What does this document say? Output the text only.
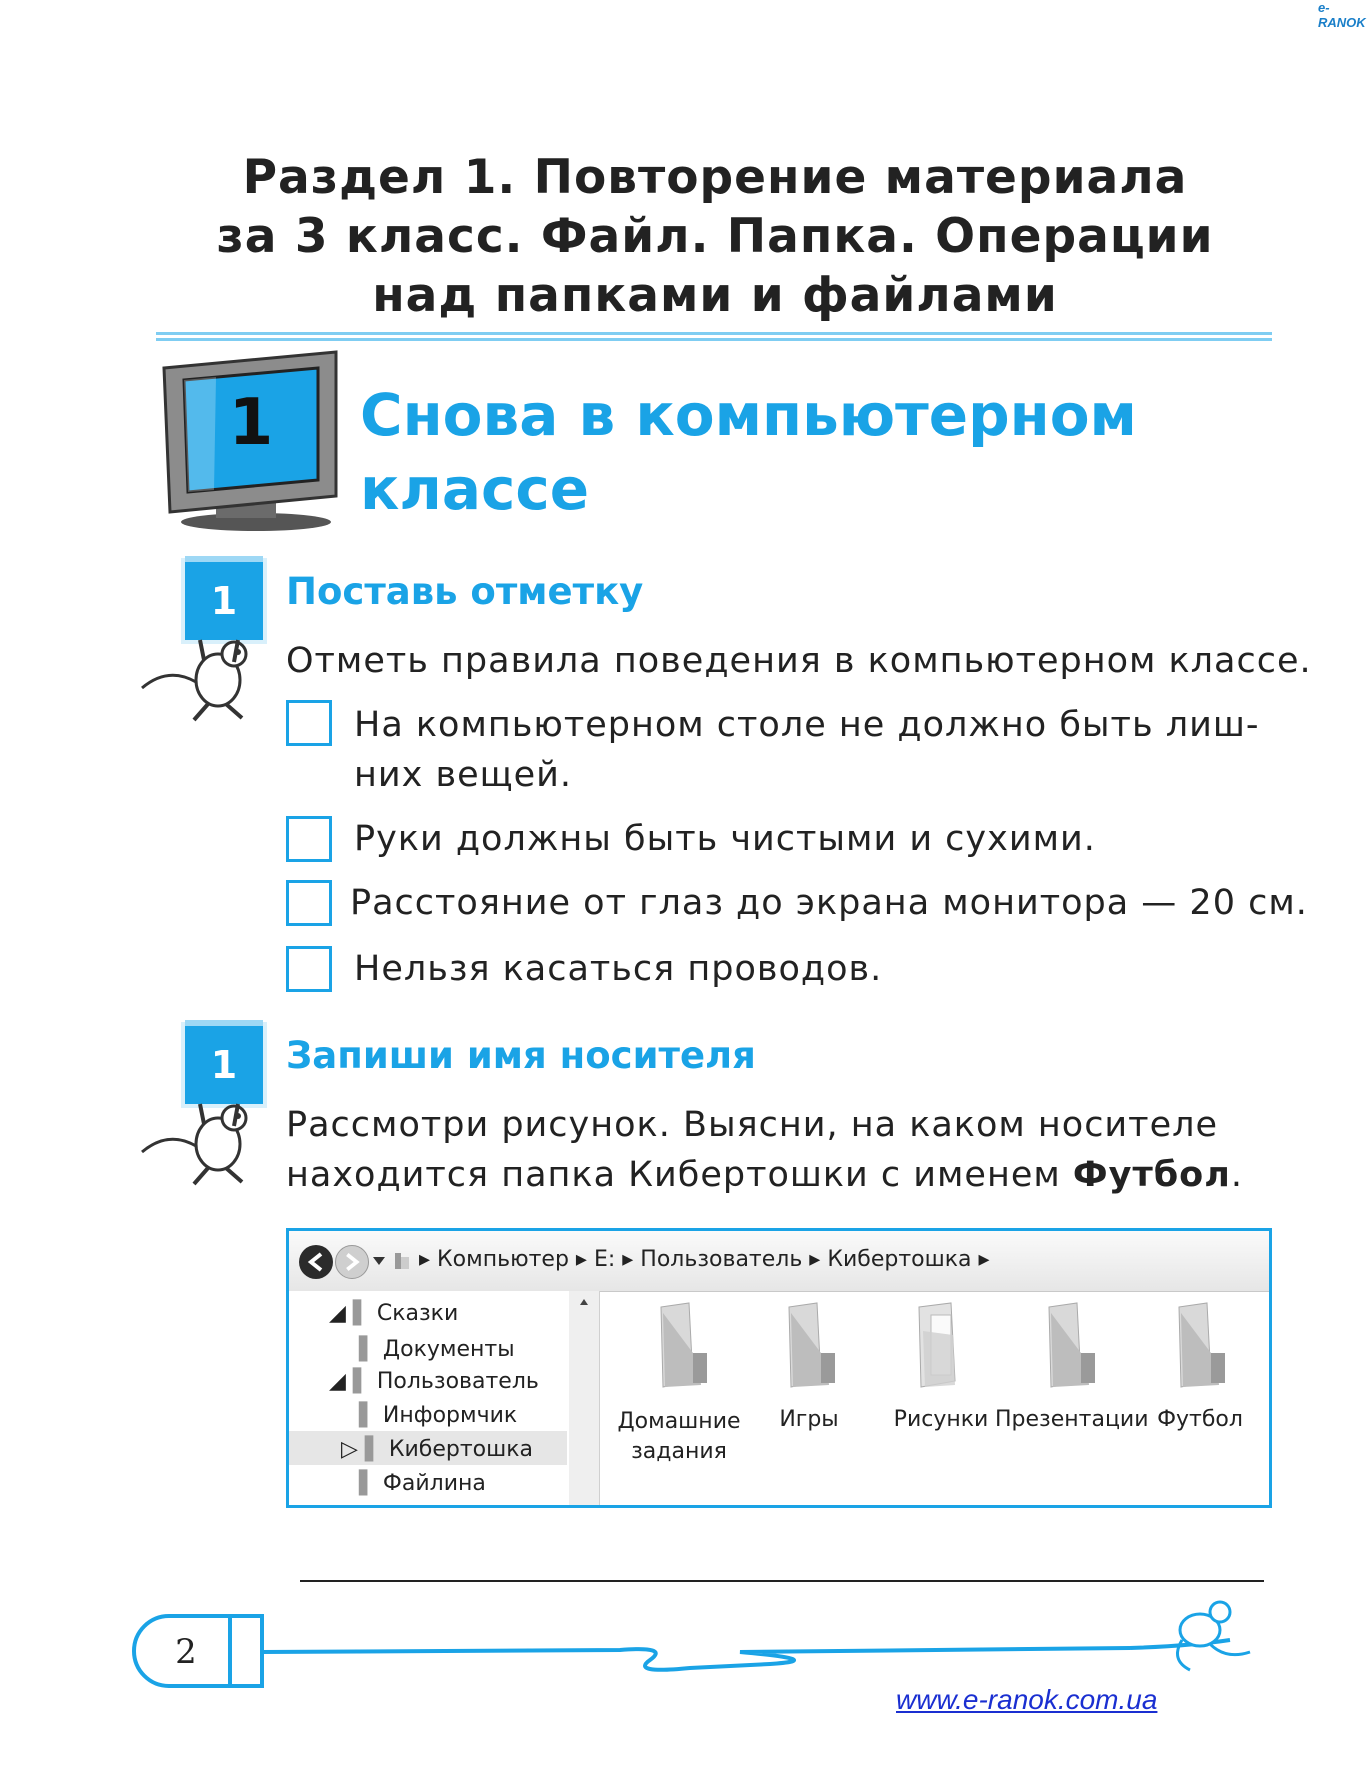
e-RANOK
Раздел 1. Повторение материала
за 3 класс. Файл. Папка. Операции
над папками и файлами
1 Снова в компьютерном
классе
1	Поставь отметку
Отметь правила поведения в компьютерном классе.
На компьютерном столе не должно быть лиш-
них вещей.
Руки должны быть чистыми и сухими.
Расстояние от глаз до экрана монитора — 20 см.
Нельзя касаться проводов.
1	Запиши имя носителя
Рассмотри рисунок. Выясни, на каком носителе
находится папка Кибертошки с именем Футбол.
▸ Компьютер ▸ E: ▸ Пользователь ▸ Кибертошка ▸
◢ ▌ Сказки
▌ Документы
◢ ▌ Пользователь
▌ Информчик
▷ ▌ Кибертошка
▌ Файлина
Домашние
задания
Игры	Рисунки Презентации Футбол
2
www.e-ranok.com.ua
